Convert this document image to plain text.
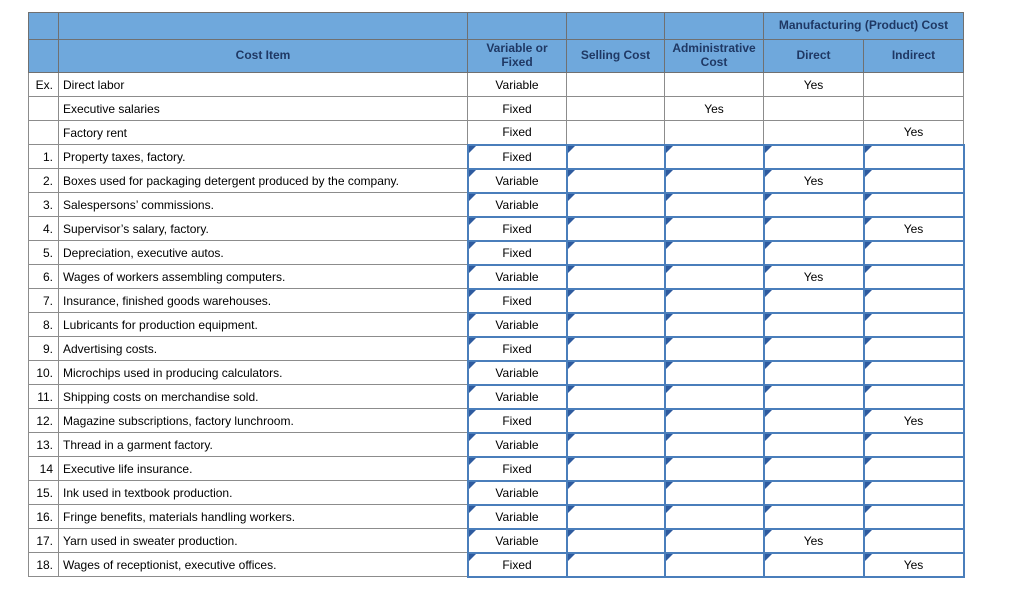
					Manufacturing (Product) Cost	
	Cost Item	Variable or Fixed	Selling Cost	Administrative Cost	Direct	Indirect
Ex.	Direct labor	Variable			Yes	
	Executive salaries	Fixed		Yes		
	Factory rent	Fixed				Yes
1.	Property taxes, factory.	Fixed				
2.	Boxes used for packaging detergent produced by the company.	Variable			Yes	
3.	Salespersons’ commissions.	Variable				
4.	Supervisor’s salary, factory.	Fixed				Yes
5.	Depreciation, executive autos.	Fixed				
6.	Wages of workers assembling computers.	Variable			Yes	
7.	Insurance, finished goods warehouses.	Fixed				
8.	Lubricants for production equipment.	Variable				
9.	Advertising costs.	Fixed				
10.	Microchips used in producing calculators.	Variable				
11.	Shipping costs on merchandise sold.	Variable				
12.	Magazine subscriptions, factory lunchroom.	Fixed				Yes
13.	Thread in a garment factory.	Variable				
14	Executive life insurance.	Fixed				
15.	Ink used in textbook production.	Variable				
16.	Fringe benefits, materials handling workers.	Variable				
17.	Yarn used in sweater production.	Variable			Yes	
18.	Wages of receptionist, executive offices.	Fixed				Yes
